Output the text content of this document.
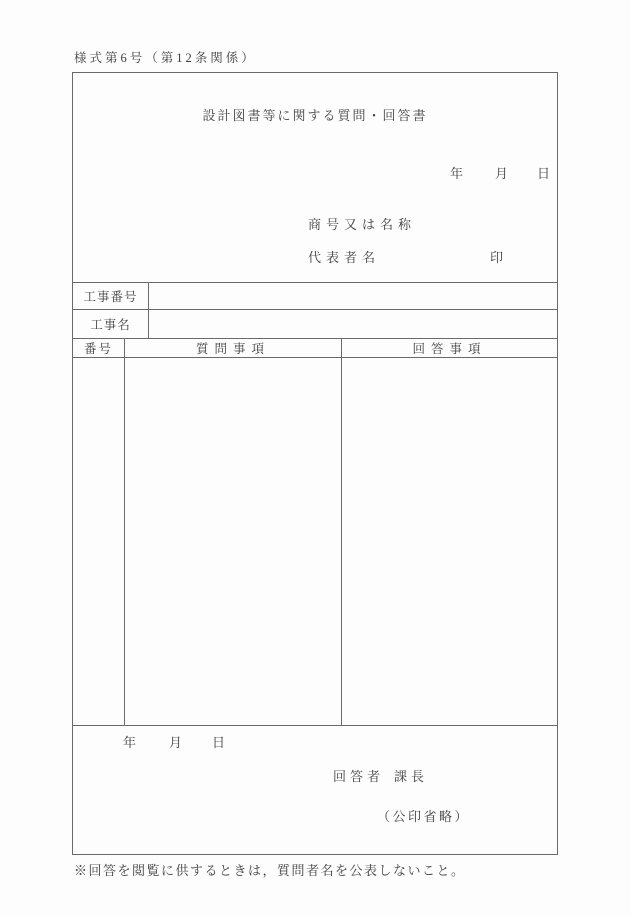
様式第6号（第12条関係）
設計図書等に関する質問・回答書
年 月 日
商号又は名称
代表者名	印
工事番号
工事名
番号	質問事項	回答事項
年	月 日
回答者 課長
（公印省略）
※回答を閲覧に供するときは，質問者名を公表しないこと。
